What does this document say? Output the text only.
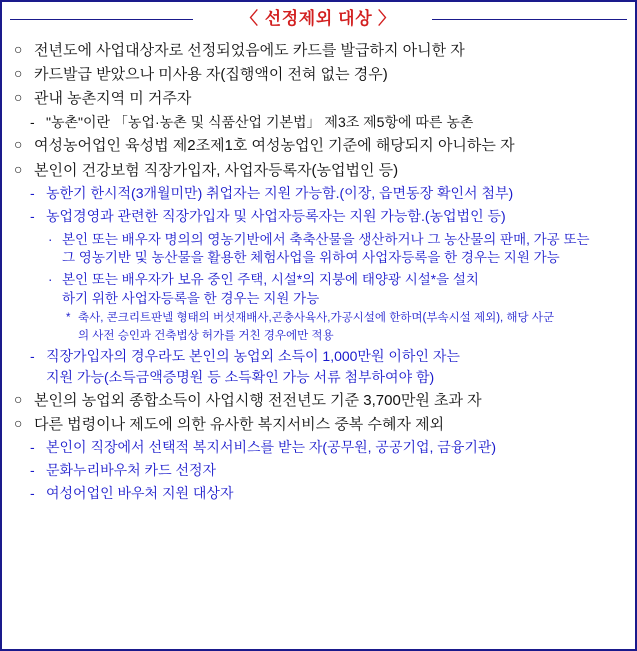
〈 선정제외 대상 〉
○ 전년도에 사업대상자로 선정되었음에도 카드를 발급하지 아니한 자
○ 카드발급 받았으나 미사용 자(집행액이 전혀 없는 경우)
○ 관내 농촌지역 미 거주자
- "농촌"이란 「농업·농촌 및 식품산업 기본법」 제3조 제5항에 따른 농촌
○ 여성농어업인 육성법 제2조제1호 여성농업인 기준에 해당되지 아니하는 자
○ 본인이 건강보험 직장가입자, 사업자등록자(농업법인 등)
- 농한기 한시적(3개월미만) 취업자는 지원 가능함.(이장, 읍면동장 확인서 첨부)
- 농업경영과 관련한 직장가입자 및 사업자등록자는 지원 가능함.(농업법인 등)
· 본인 또는 배우자 명의의 영농기반에서 축축산물을 생산하거나 그 농산물의 판매, 가공 또는
그 영농기반 및 농산물을 활용한 체험사업을 위하여 사업자등록을 한 경우는 지원 가능
· 본인 또는 배우자가 보유 중인 주택, 시설*의 지붕에 태양광 시설*을 설치
하기 위한 사업자등록을 한 경우는 지원 가능
* 축사, 콘크리트판넬 형태의 버섯재배사,곤충사육사,가공시설에 한하며(부속시설 제외), 해당 사군
의 사전 승인과 건축법상 허가를 거친 경우에만 적용
- 직장가입자의 경우라도 본인의 농업외 소득이 1,000만원 이하인 자는
지원 가능(소득금액증명원 등 소득확인 가능 서류 첨부하여야 함)
○ 본인의 농업외 종합소득이 사업시행 전전년도 기준 3,700만원 초과 자
○ 다른 법령이나 제도에 의한 유사한 복지서비스 중복 수혜자 제외
- 본인이 직장에서 선택적 복지서비스를 받는 자(공무원, 공공기업, 금융기관)
- 문화누리바우처 카드 선정자
- 여성어업인 바우처 지원 대상자
